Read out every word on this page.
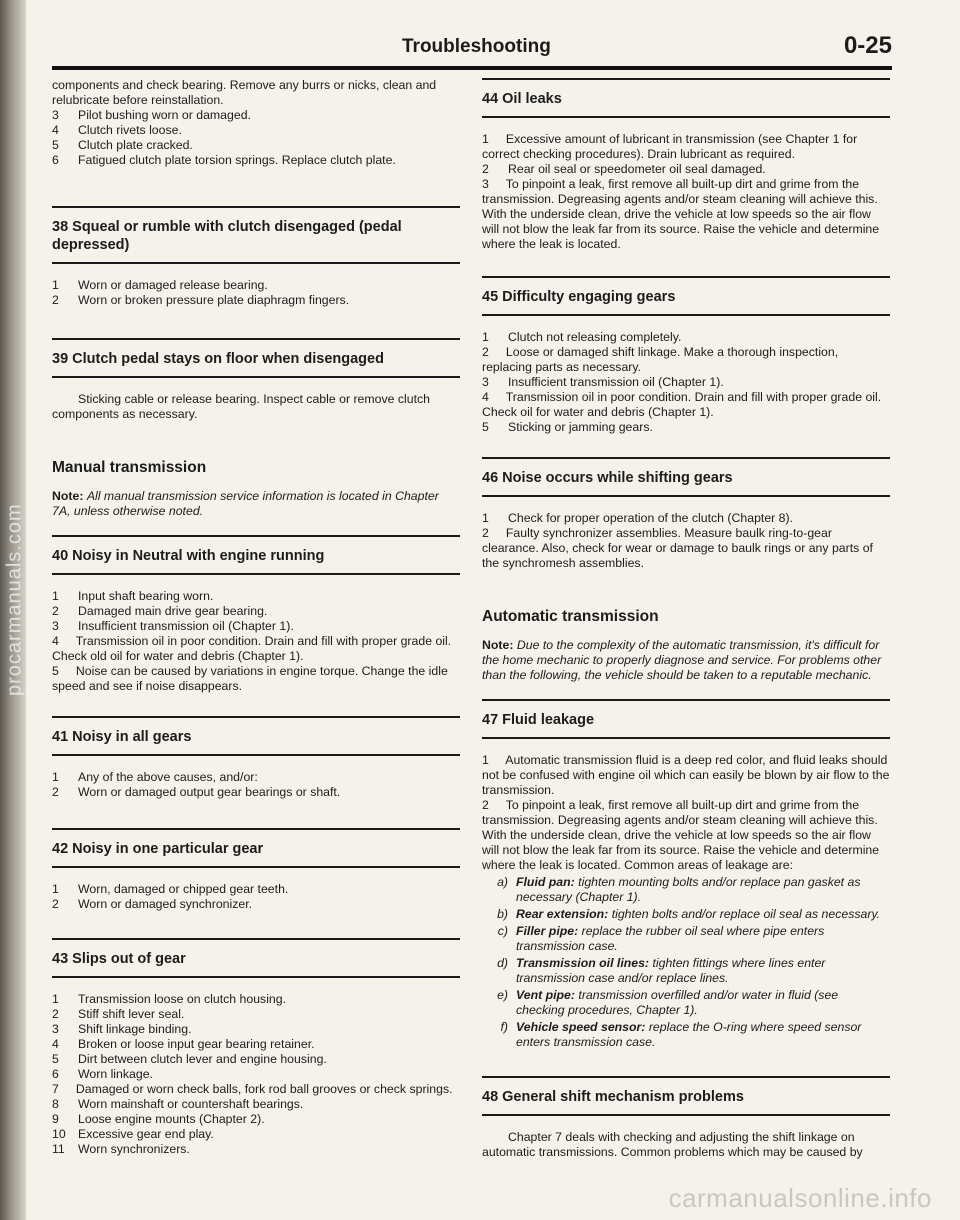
procarmanuals.com
Troubleshooting	0-25

components and check bearing. Remove any burrs or nicks, clean and relubricate before reinstallation.

3	Pilot bushing worn or damaged.
4	Clutch rivets loose.
5	Clutch plate cracked.
6	Fatigued clutch plate torsion springs. Replace clutch plate.
38 Squeal or rumble with clutch disengaged (pedal depressed)
1	Worn or damaged release bearing.
2	Worn or broken pressure plate diaphragm fingers.
39 Clutch pedal stays on floor when disengaged

Sticking cable or release bearing. Inspect cable or remove clutch components as necessary.

Manual transmission

Note: All manual transmission service information is located in Chapter 7A, unless otherwise noted.

40 Noisy in Neutral with engine running
1	Input shaft bearing worn.
2	Damaged main drive gear bearing.
3	Insufficient transmission oil (Chapter 1).

4     Transmission oil in poor condition. Drain and fill with proper grade oil. Check old oil for water and debris (Chapter 1).

5     Noise can be caused by variations in engine torque. Change the idle speed and see if noise disappears.

41 Noisy in all gears
1	Any of the above causes, and/or:
2	Worn or damaged output gear bearings or shaft.
42 Noisy in one particular gear
1	Worn, damaged or chipped gear teeth.
2	Worn or damaged synchronizer.
43 Slips out of gear
1	Transmission loose on clutch housing.
2	Stiff shift lever seal.
3	Shift linkage binding.
4	Broken or loose input gear bearing retainer.
5	Dirt between clutch lever and engine housing.
6	Worn linkage.

7     Damaged or worn check balls, fork rod ball grooves or check springs.

8	Worn mainshaft or countershaft bearings.
9	Loose engine mounts (Chapter 2).
10	Excessive gear end play.
11	Worn synchronizers.
44 Oil leaks

1     Excessive amount of lubricant in transmission (see Chapter 1 for correct checking procedures). Drain lubricant as required.

2	Rear oil seal or speedometer oil seal damaged.

3     To pinpoint a leak, first remove all built-up dirt and grime from the transmission. Degreasing agents and/or steam cleaning will achieve this. With the underside clean, drive the vehicle at low speeds so the air flow will not blow the leak far from its source. Raise the vehicle and determine where the leak is located.

45 Difficulty engaging gears
1	Clutch not releasing completely.

2     Loose or damaged shift linkage. Make a thorough inspection, replacing parts as necessary.

3	Insufficient transmission oil (Chapter 1).

4     Transmission oil in poor condition. Drain and fill with proper grade oil. Check oil for water and debris (Chapter 1).

5	Sticking or jamming gears.
46 Noise occurs while shifting gears
1	Check for proper operation of the clutch (Chapter 8).

2     Faulty synchronizer assemblies. Measure baulk ring-to-gear clearance. Also, check for wear or damage to baulk rings or any parts of the synchromesh assemblies.

Automatic transmission

Note: Due to the complexity of the automatic transmission, it's difficult for the home mechanic to properly diagnose and service. For problems other than the following, the vehicle should be taken to a reputable mechanic.

47 Fluid leakage

1     Automatic transmission fluid is a deep red color, and fluid leaks should not be confused with engine oil which can easily be blown by air flow to the transmission.

2     To pinpoint a leak, first remove all built-up dirt and grime from the transmission. Degreasing agents and/or steam cleaning will achieve this. With the underside clean, drive the vehicle at low speeds so the air flow will not blow the leak far from its source. Raise the vehicle and determine where the leak is located. Common areas of leakage are:

a) Fluid pan: tighten mounting bolts and/or replace pan gasket as necessary (Chapter 1).
b) Rear extension: tighten bolts and/or replace oil seal as necessary.
c) Filler pipe: replace the rubber oil seal where pipe enters transmission case.
d) Transmission oil lines: tighten fittings where lines enter transmission case and/or replace lines.
e) Vent pipe: transmission overfilled and/or water in fluid (see checking procedures, Chapter 1).
f) Vehicle speed sensor: replace the O-ring where speed sensor enters transmission case.
48 General shift mechanism problems

Chapter 7 deals with checking and adjusting the shift linkage on automatic transmissions. Common problems which may be caused by

carmanualsonline.info
